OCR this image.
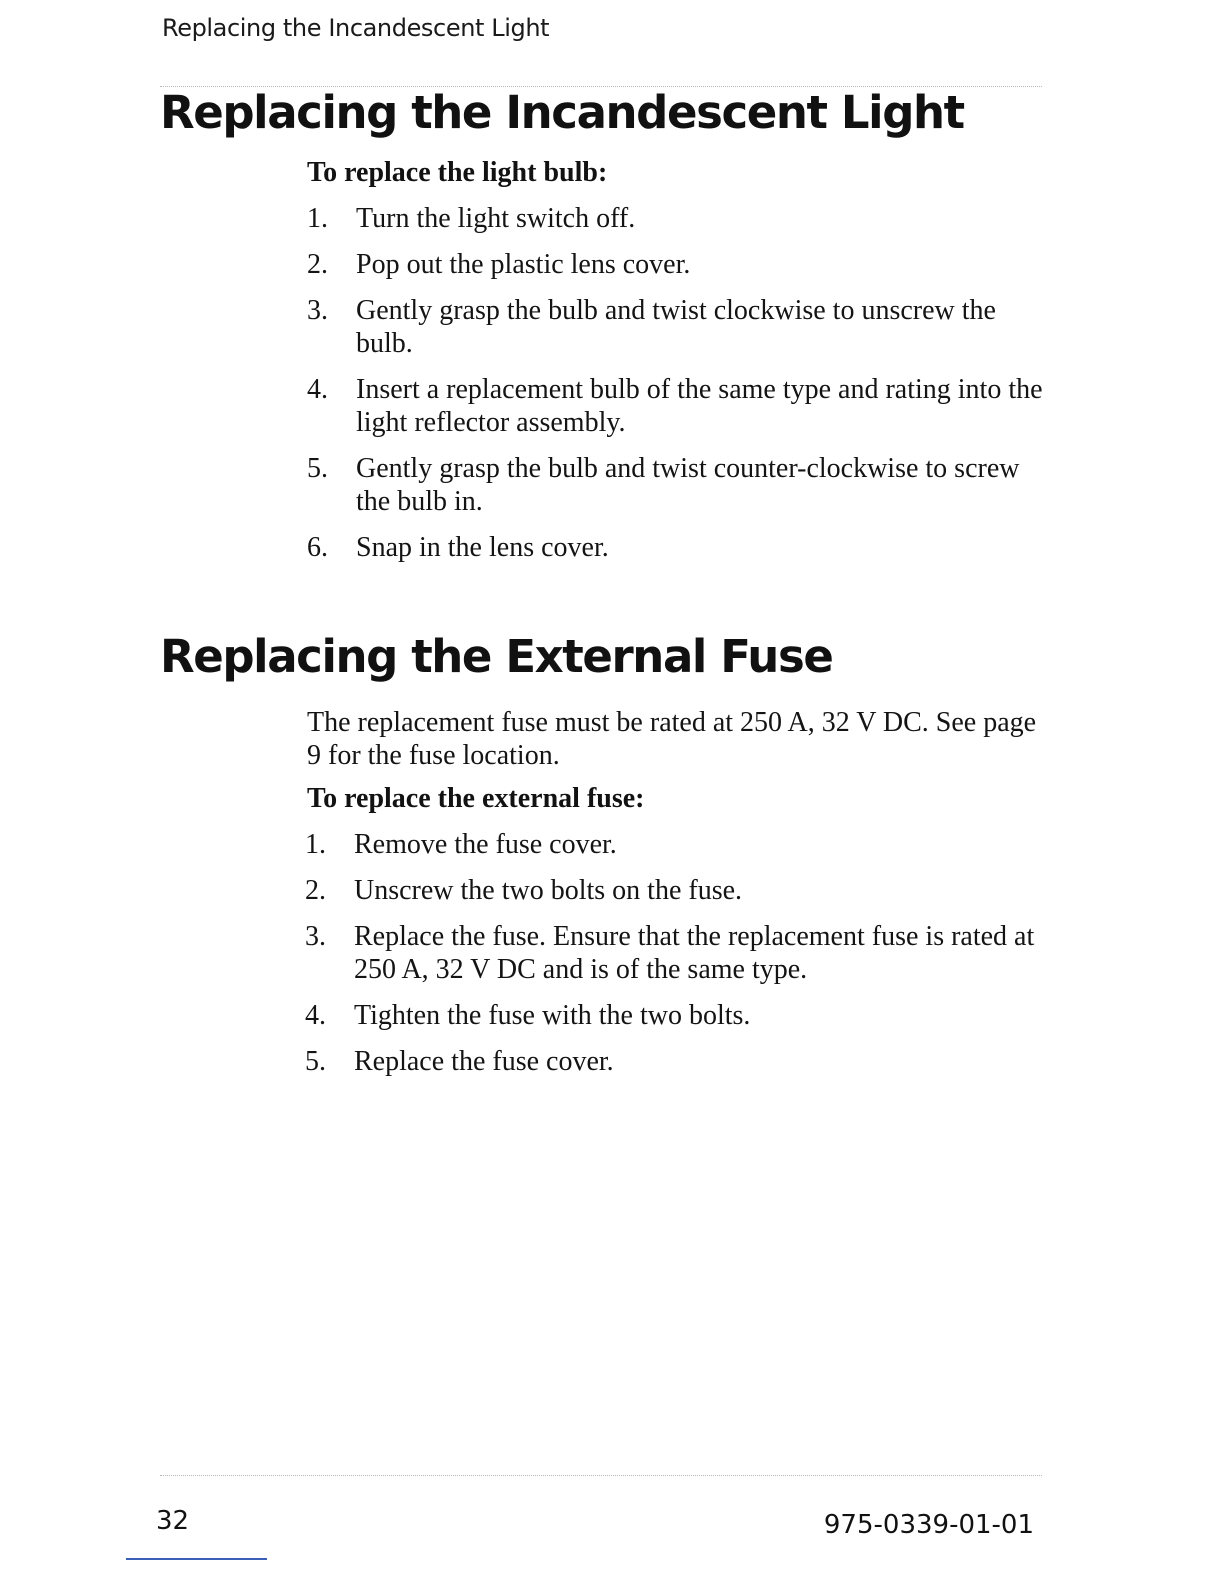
Replacing the Incandescent Light
Replacing the Incandescent Light
To replace the light bulb:
1. Turn the light switch off.
2. Pop out the plastic lens cover.
3. Gently grasp the bulb and twist clockwise to unscrew the bulb.
4. Insert a replacement bulb of the same type and rating into the light reflector assembly.
5. Gently grasp the bulb and twist counter-clockwise to screw the bulb in.
6. Snap in the lens cover.
Replacing the External Fuse

The replacement fuse must be rated at 250 A, 32 V DC. See page 9 for the fuse location.

To replace the external fuse:
1. Remove the fuse cover.
2. Unscrew the two bolts on the fuse.
3. Replace the fuse. Ensure that the replacement fuse is rated at 250 A, 32 V DC and is of the same type.
4. Tighten the fuse with the two bolts.
5. Replace the fuse cover.
32	975-0339-01-01
